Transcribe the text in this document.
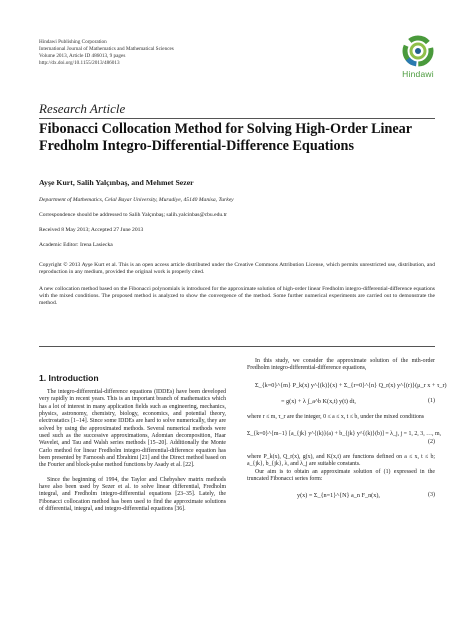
Hindawi Publishing Corporation
International Journal of Mathematics and Mathematical Sciences
Volume 2013, Article ID 486013, 9 pages
http://dx.doi.org/10.1155/2013/486013
Hindawi
Research Article
Fibonacci Collocation Method for Solving High-Order Linear Fredholm Integro-Differential-Difference Equations
Ayşe Kurt, Salih Yalçınbaş, and Mehmet Sezer
Department of Mathematics, Celal Bayar University, Muradiye, 45140 Manisa, Turkey
Correspondence should be addressed to Salih Yalçınbaş; salih.yalcinbas@cbu.edu.tr
Received 8 May 2013; Accepted 27 June 2013
Academic Editor: Irena Lasiecka
Copyright © 2013 Ayşe Kurt et al. This is an open access article distributed under the Creative Commons Attribution License, which permits unrestricted use, distribution, and reproduction in any medium, provided the original work is properly cited.
A new collocation method based on the Fibonacci polynomials is introduced for the approximate solution of high-order linear Fredholm integro-differential-difference equations with the mixed conditions. The proposed method is analyzed to show the convergence of the method. Some further numerical experiments are carried out to demonstrate the method.
1. Introduction

The integro-differential-difference equations (IDDEs) have been developed very rapidly in recent years. This is an important branch of mathematics which has a lot of interest in many application fields such as engineering, mechanics, physics, astronomy, chemistry, biology, economics, and potential theory, electrostatics [1–14]. Since some IDDEs are hard to solve numerically, they are solved by using the approximated methods. Several numerical methods were used such as the successive approximations, Adomian decomposition, Haar Wavelet, and Tau and Walsh series methods [15–20]. Additionally the Monte Carlo method for linear Fredholm integro-differential-difference equation has been presented by Farnoosh and Ebrahimi [21] and the Direct method based on the Fourier and block-pulse method functions by Asady et al. [22].

Since the beginning of 1994, the Taylor and Chebyshev matrix methods have also been used by Sezer et al. to solve linear differential, Fredholm integral, and Fredholm integro-differential equations [23–35]. Lately, the Fibonacci collocation method has been used to find the approximate solutions of differential, integral, and integro-differential equations [36].

In this study, we consider the approximate solution of the mth-order Fredholm integro-differential-difference equations,

Σ_{k=0}^{m} P_k(x) y^{(k)}(x) + Σ_{r=0}^{n} Q_r(x) y^{(r)}(μ_r x + τ_r)
= g(x) + λ ∫_a^b K(x,t) y(t) dt,	(1)

where r ≤ m, τ_r are the integer, 0 ≤ a ≤ x, t ≤ b, under the mixed conditions

Σ_{k=0}^{m−1} [a_{jk} y^{(k)}(a) + b_{jk} y^{(k)}(b)] = λ_j, j = 1, 2, 3, …, m,
(2)

where P_k(x), Q_r(x), g(x), and K(x,t) are functions defined on a ≤ x, t ≤ b; a_{jk}, b_{jk}, λ, and λ_j are suitable constants.

Our aim is to obtain an approximate solution of (1) expressed in the truncated Fibonacci series form:

y(x) = Σ_{n=1}^{N} a_n F_n(x),	(3)
